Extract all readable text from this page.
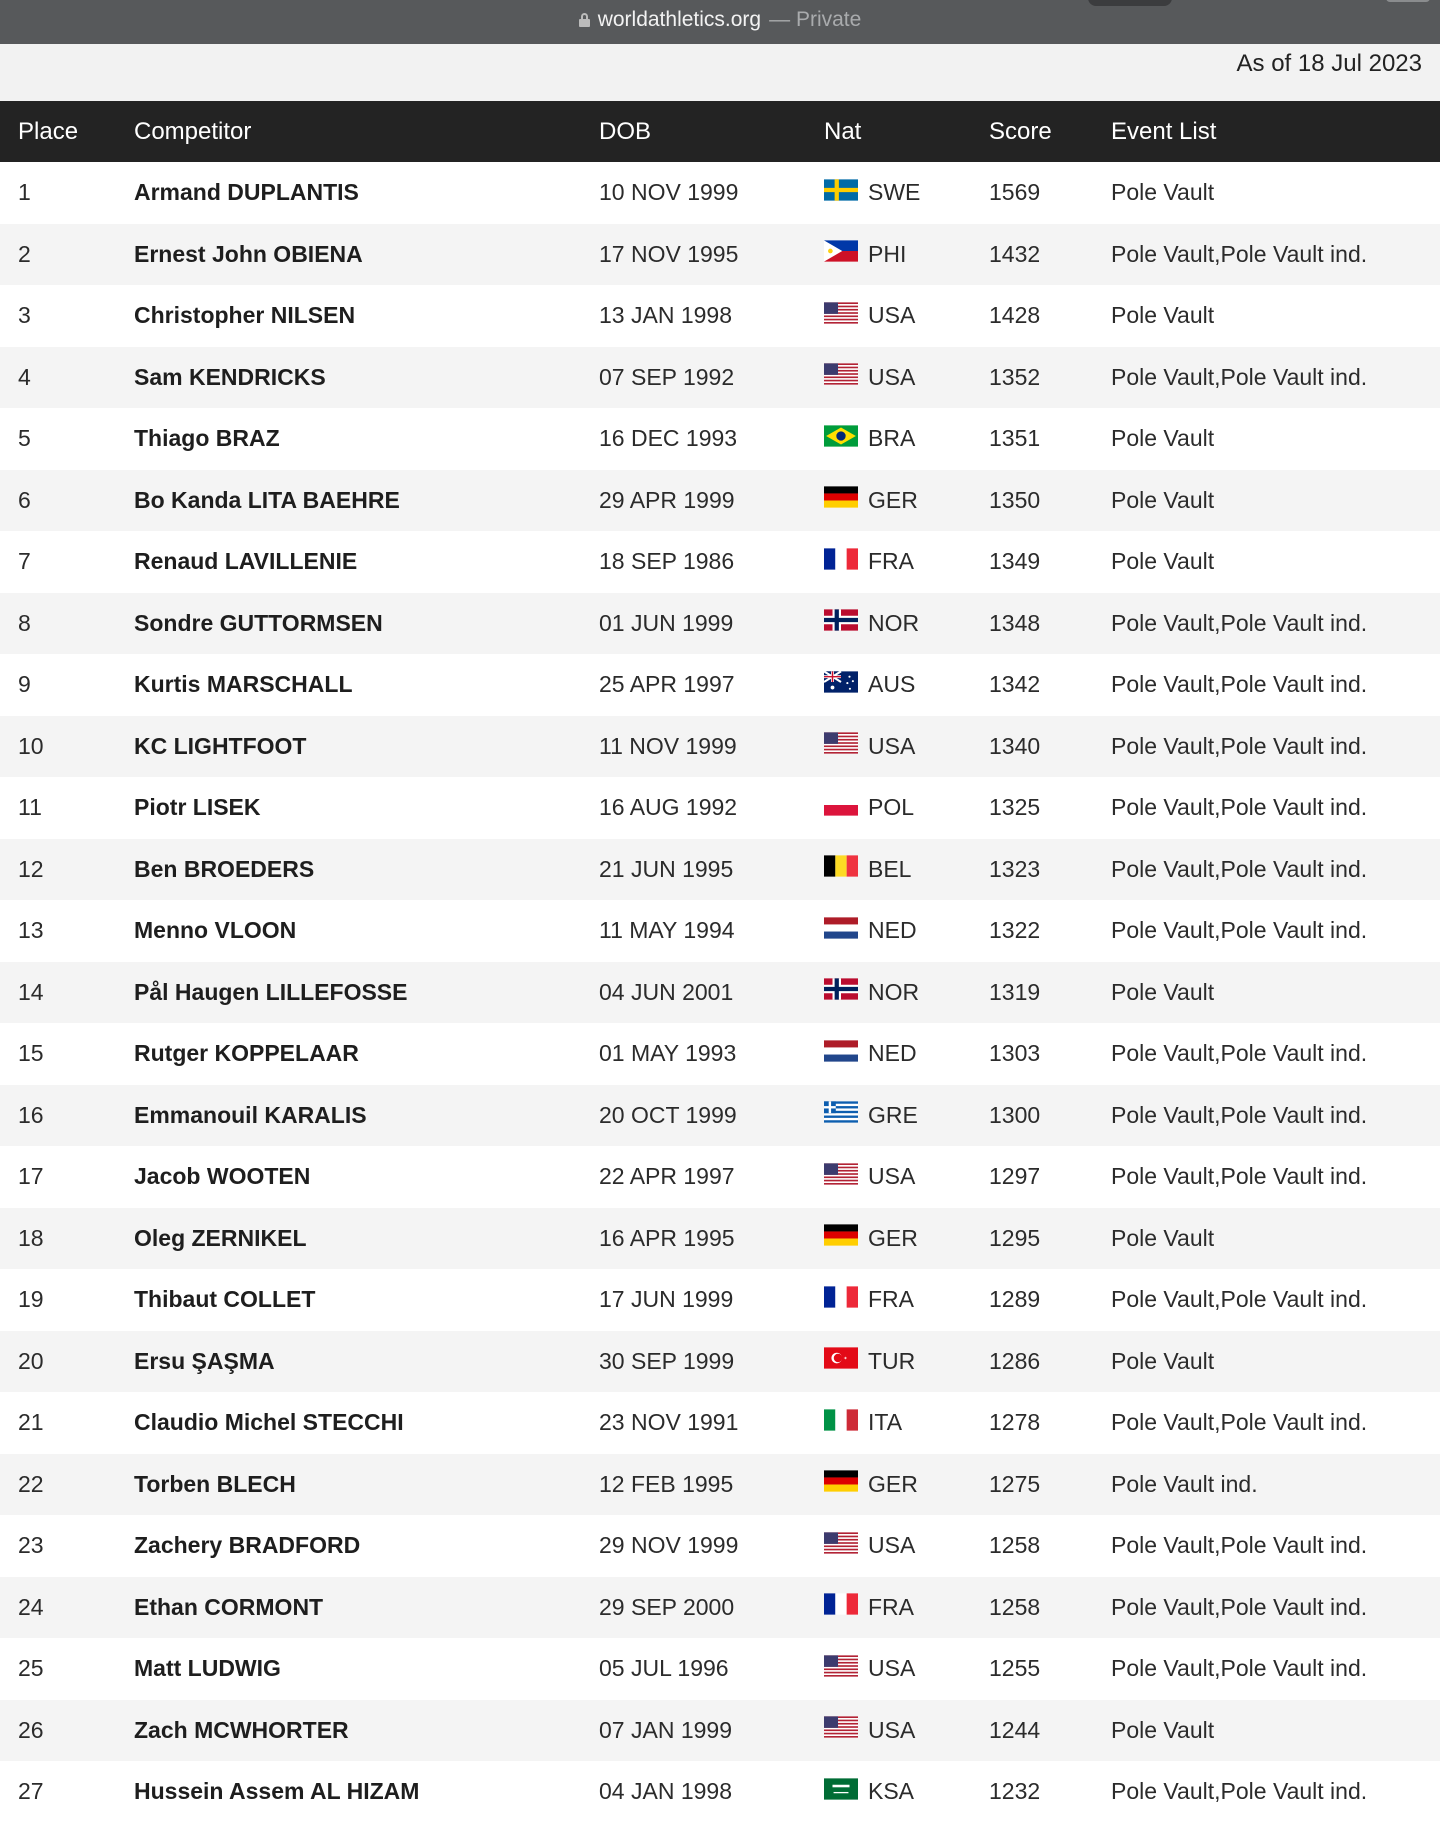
worldathletics.org — Private
As of 18 Jul 2023
Place	Competitor	DOB	Nat	Score	Event List
1	Armand DUPLANTIS	10 NOV 1999	SWE	1569	Pole Vault
2	Ernest John OBIENA	17 NOV 1995	PHI	1432	Pole Vault,Pole Vault ind.
3	Christopher NILSEN	13 JAN 1998	USA	1428	Pole Vault
4	Sam KENDRICKS	07 SEP 1992	USA	1352	Pole Vault,Pole Vault ind.
5	Thiago BRAZ	16 DEC 1993	BRA	1351	Pole Vault
6	Bo Kanda LITA BAEHRE	29 APR 1999	GER	1350	Pole Vault
7	Renaud LAVILLENIE	18 SEP 1986	FRA	1349	Pole Vault
8	Sondre GUTTORMSEN	01 JUN 1999	NOR	1348	Pole Vault,Pole Vault ind.
9	Kurtis MARSCHALL	25 APR 1997	AUS	1342	Pole Vault,Pole Vault ind.
10	KC LIGHTFOOT	11 NOV 1999	USA	1340	Pole Vault,Pole Vault ind.
11	Piotr LISEK	16 AUG 1992	POL	1325	Pole Vault,Pole Vault ind.
12	Ben BROEDERS	21 JUN 1995	BEL	1323	Pole Vault,Pole Vault ind.
13	Menno VLOON	11 MAY 1994	NED	1322	Pole Vault,Pole Vault ind.
14	Pål Haugen LILLEFOSSE	04 JUN 2001	NOR	1319	Pole Vault
15	Rutger KOPPELAAR	01 MAY 1993	NED	1303	Pole Vault,Pole Vault ind.
16	Emmanouil KARALIS	20 OCT 1999	GRE	1300	Pole Vault,Pole Vault ind.
17	Jacob WOOTEN	22 APR 1997	USA	1297	Pole Vault,Pole Vault ind.
18	Oleg ZERNIKEL	16 APR 1995	GER	1295	Pole Vault
19	Thibaut COLLET	17 JUN 1999	FRA	1289	Pole Vault,Pole Vault ind.
20	Ersu ŞAŞMA	30 SEP 1999	TUR	1286	Pole Vault
21	Claudio Michel STECCHI	23 NOV 1991	ITA	1278	Pole Vault,Pole Vault ind.
22	Torben BLECH	12 FEB 1995	GER	1275	Pole Vault ind.
23	Zachery BRADFORD	29 NOV 1999	USA	1258	Pole Vault,Pole Vault ind.
24	Ethan CORMONT	29 SEP 2000	FRA	1258	Pole Vault,Pole Vault ind.
25	Matt LUDWIG	05 JUL 1996	USA	1255	Pole Vault,Pole Vault ind.
26	Zach MCWHORTER	07 JAN 1999	USA	1244	Pole Vault
27	Hussein Assem AL HIZAM	04 JAN 1998	KSA	1232	Pole Vault,Pole Vault ind.
